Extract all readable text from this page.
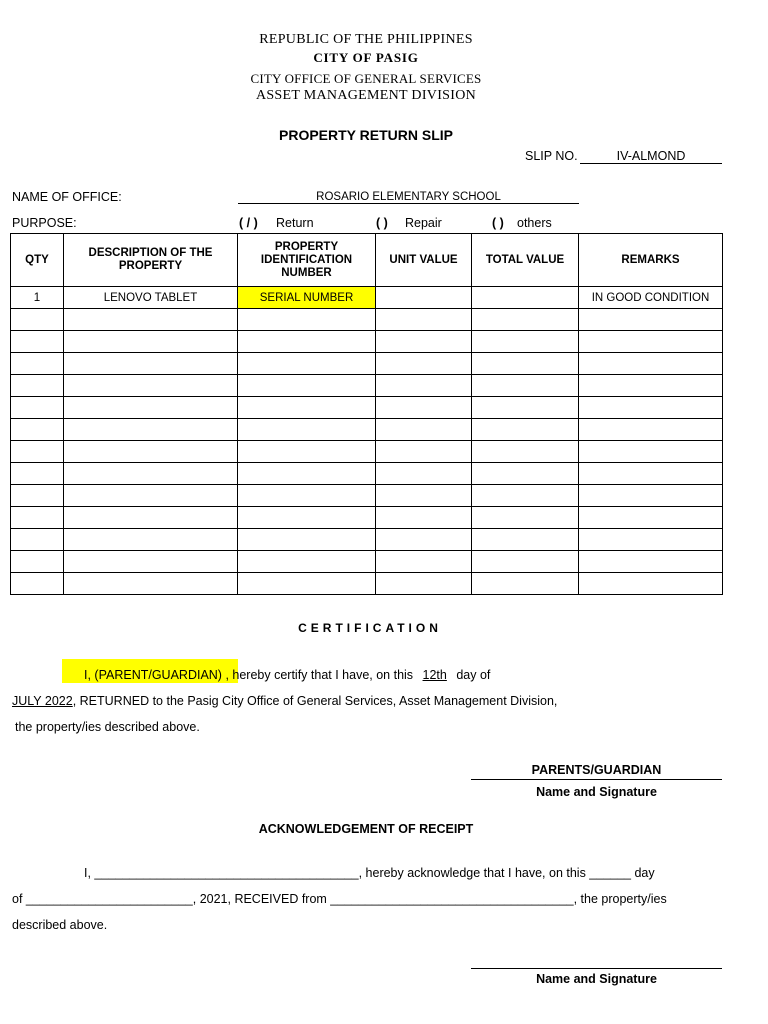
REPUBLIC OF THE PHILIPPINES
CITY OF PASIG
CITY OFFICE OF GENERAL SERVICES
ASSET MANAGEMENT DIVISION
PROPERTY RETURN SLIP
SLIP NO.	IV-ALMOND
NAME OF OFFICE:	ROSARIO ELEMENTARY SCHOOL
PURPOSE:	( / ) Return	( ) Repair	( ) others
QTY	DESCRIPTION OF THE PROPERTY	PROPERTY IDENTIFICATION NUMBER	UNIT VALUE	TOTAL VALUE	REMARKS
1	LENOVO TABLET	SERIAL NUMBER			IN GOOD CONDITION

CERTIFICATION
I, (PARENT/GUARDIAN) , hereby certify that I have, on this 12th day of
JULY 2022, RETURNED to the Pasig City Office of General Services, Asset Management Division,
the property/ies described above.
PARENTS/GUARDIAN
Name and Signature
ACKNOWLEDGEMENT OF RECEIPT
I, ______________________________________, hereby acknowledge that I have, on this ______ day
of ________________________, 2021, RECEIVED from ___________________________________, the property/ies
described above.
Name and Signature
